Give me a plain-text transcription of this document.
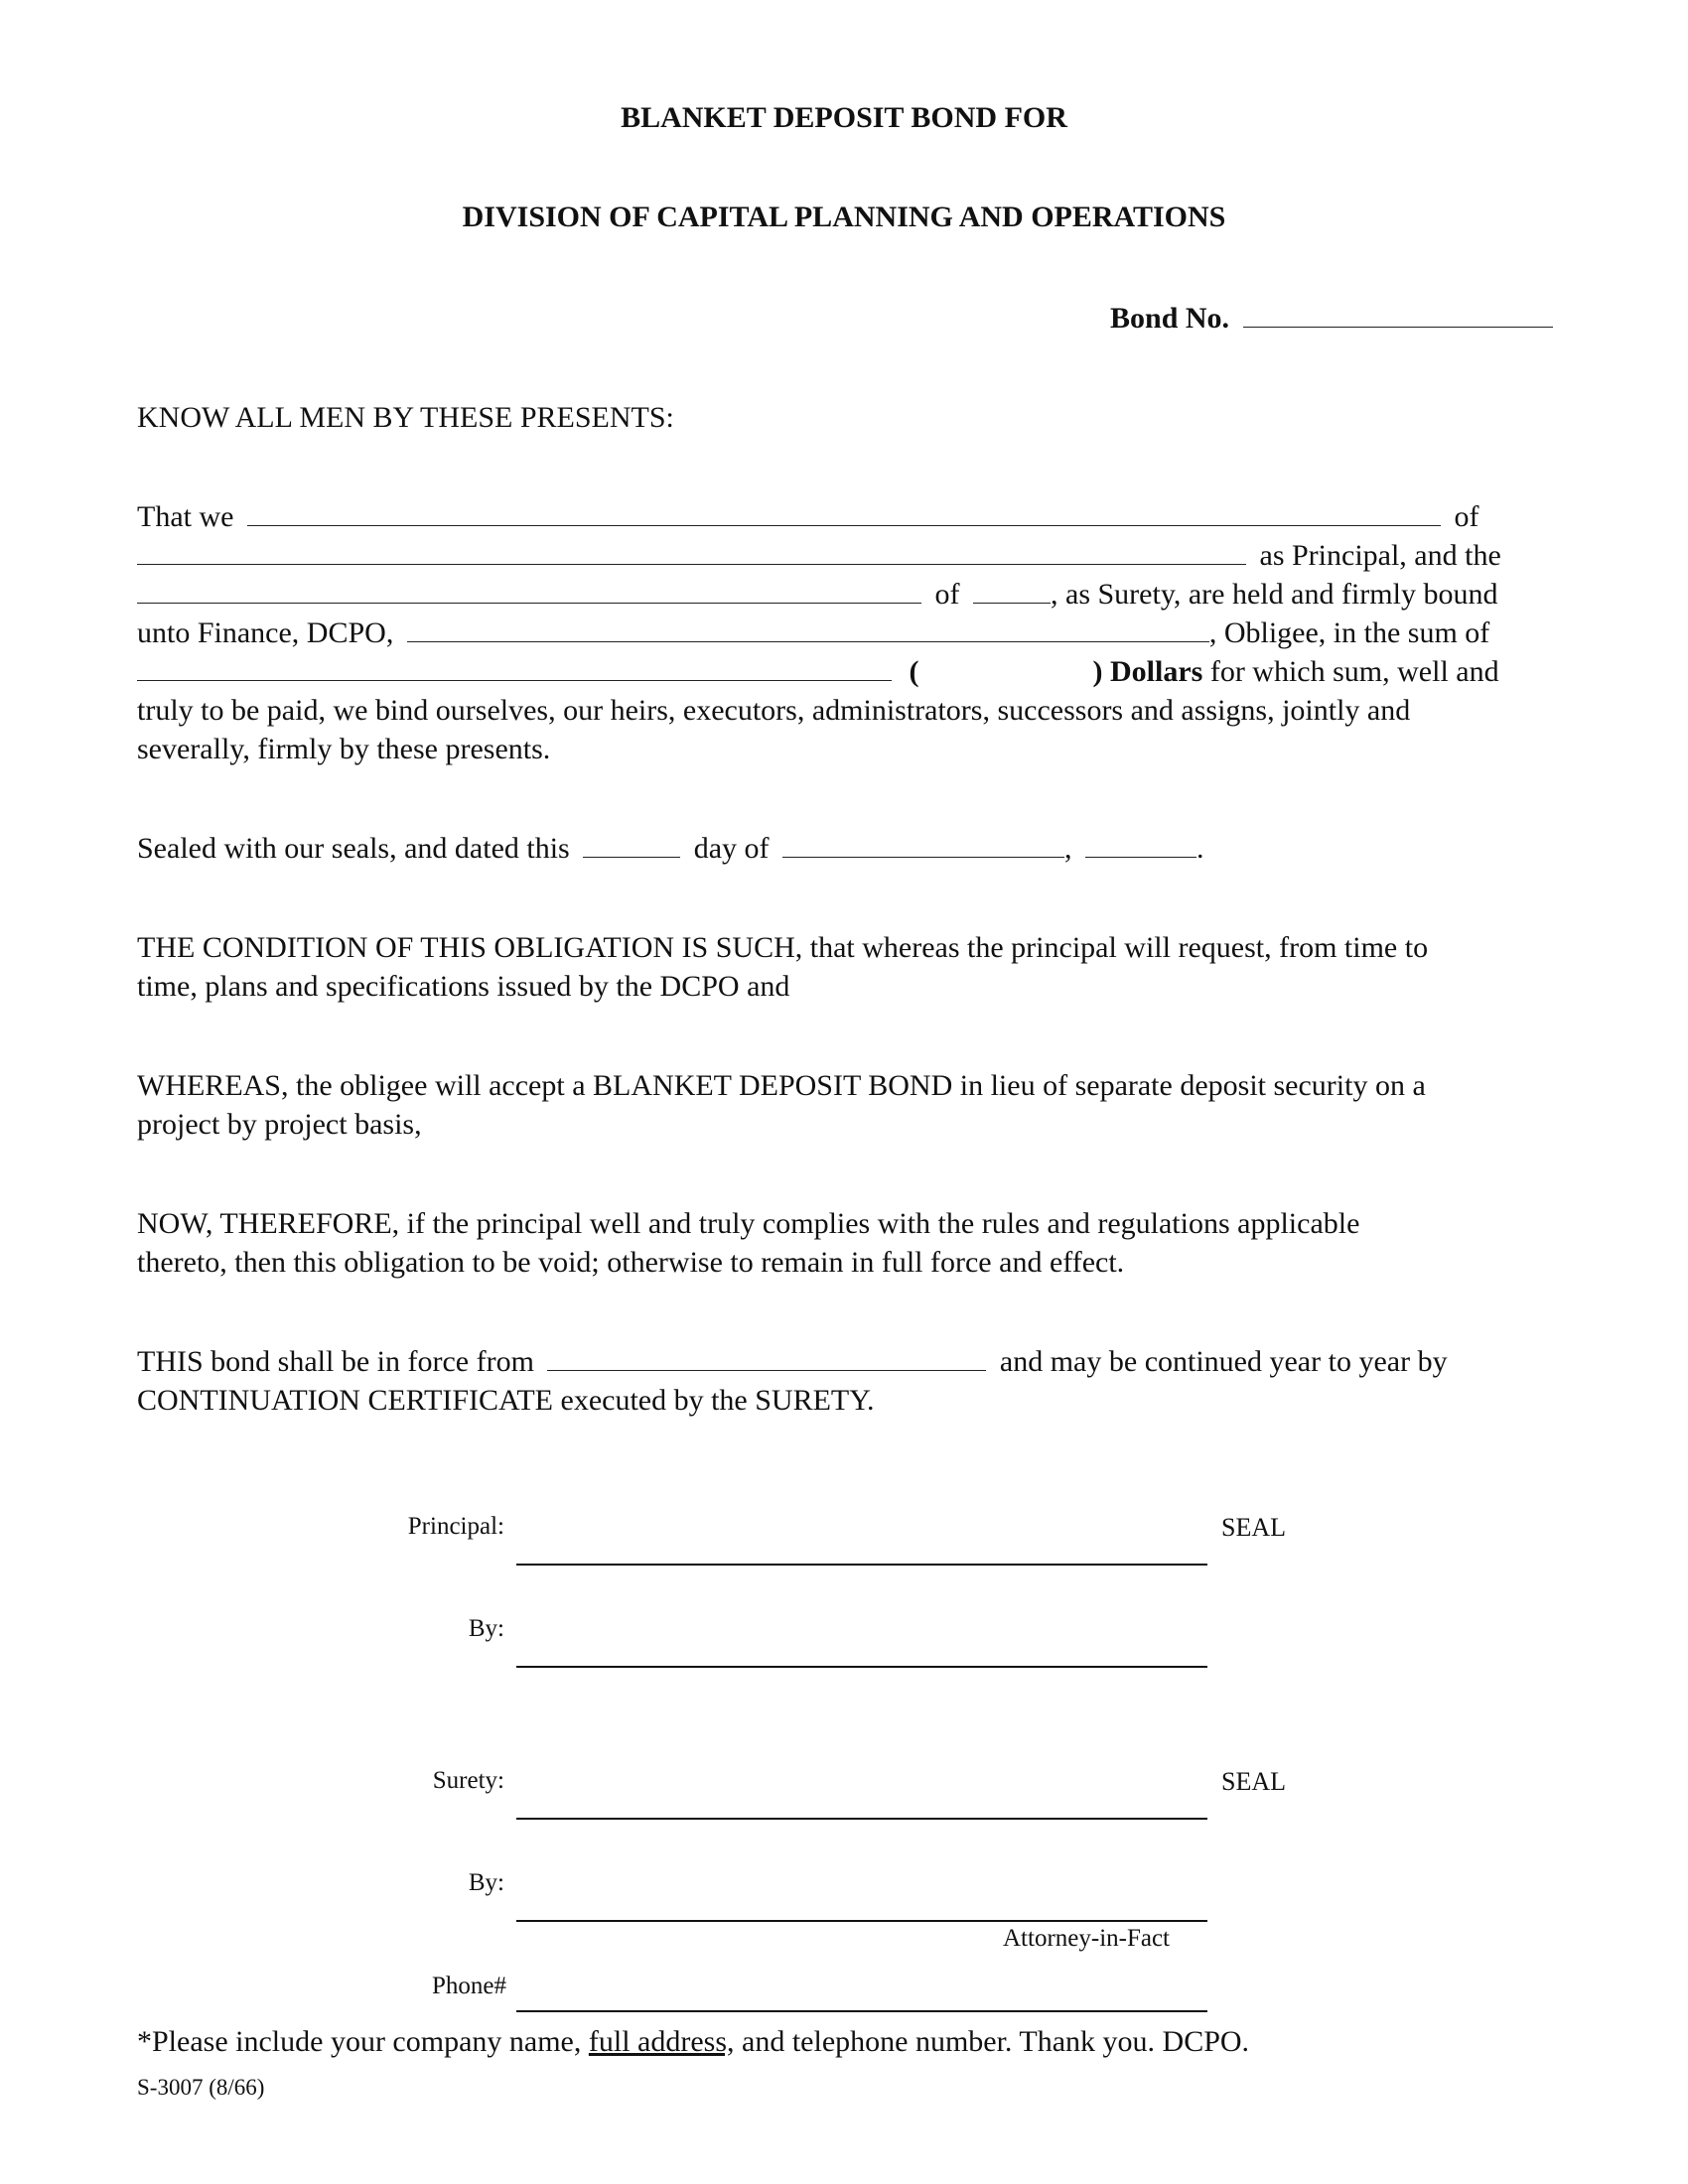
BLANKET DEPOSIT BOND FOR
DIVISION OF CAPITAL PLANNING AND OPERATIONS
Bond No.
KNOW ALL MEN BY THESE PRESENTS:
That we	of
as Principal, and the
of	, as Surety, are held and firmly bound
unto Finance, DCPO,	, Obligee, in the sum of
(	) Dollars for which sum, well and
truly to be paid, we bind ourselves, our heirs, executors, administrators, successors and assigns, jointly and
severally, firmly by these presents.
Sealed with our seals, and dated this	day of	,	.
THE CONDITION OF THIS OBLIGATION IS SUCH, that whereas the principal will request, from time to
time, plans and specifications issued by the DCPO and
WHEREAS, the obligee will accept a BLANKET DEPOSIT BOND in lieu of separate deposit security on a
project by project basis,
NOW, THEREFORE, if the principal well and truly complies with the rules and regulations applicable
thereto, then this obligation to be void; otherwise to remain in full force and effect.
THIS bond shall be in force from	and may be continued year to year by
CONTINUATION CERTIFICATE executed by the SURETY.
Principal:	SEAL
By:
Surety:	SEAL
By:
Attorney-in-Fact
Phone#
*Please include your company name, full address, and telephone number. Thank you. DCPO.
S-3007 (8/66)
